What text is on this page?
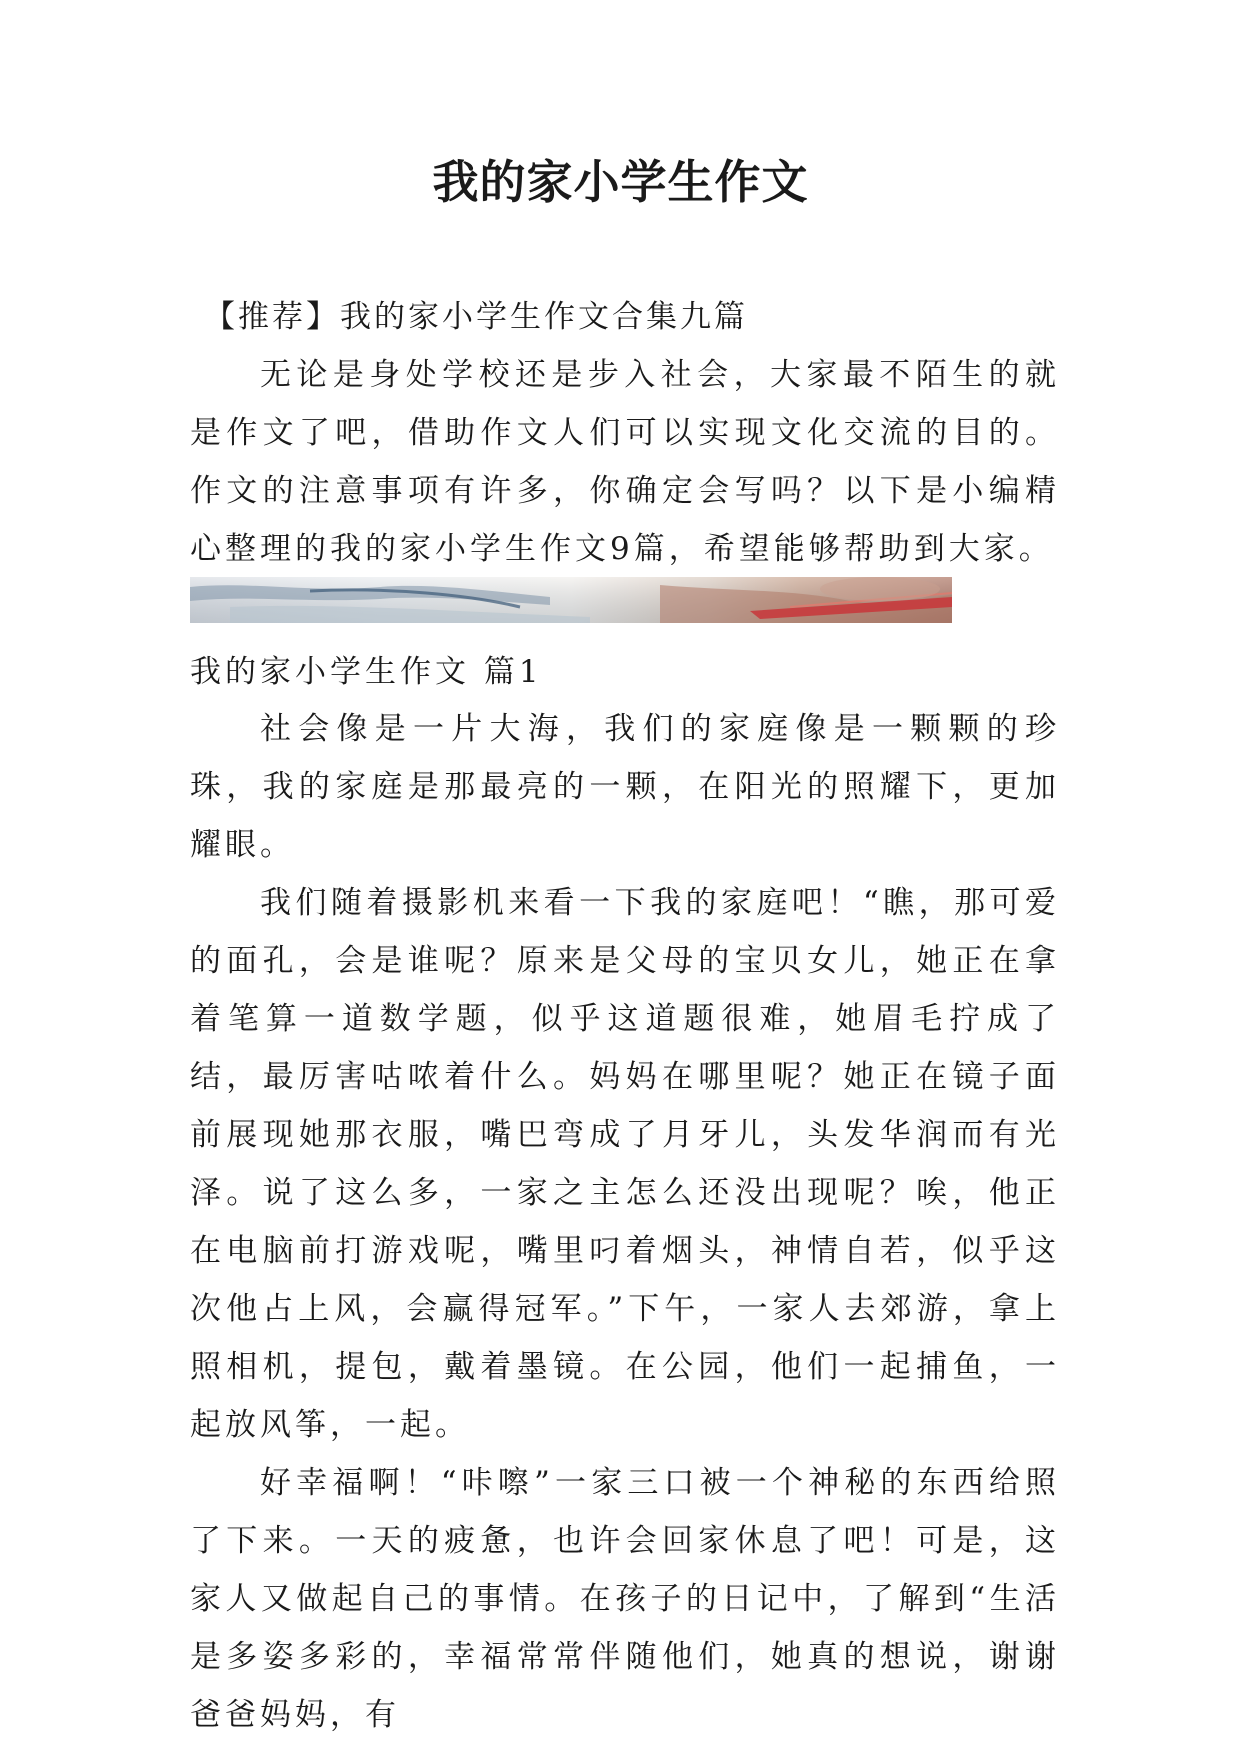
我的家小学生作文

【推荐】我的家小学生作文合集九篇

无论是身处学校还是步入社会，大家最不陌生的就是作文了吧，借助作文人们可以实现文化交流的目的。作文的注意事项有许多，你确定会写吗？以下是小编精心整理的我的家小学生作文9篇，希望能够帮助到大家。

我的家小学生作文 篇1

社会像是一片大海，我们的家庭像是一颗颗的珍珠，我的家庭是那最亮的一颗，在阳光的照耀下，更加耀眼。

我们随着摄影机来看一下我的家庭吧！“瞧，那可爱的面孔，会是谁呢？原来是父母的宝贝女儿，她正在拿着笔算一道数学题，似乎这道题很难，她眉毛拧成了结，最厉害咕哝着什么。妈妈在哪里呢？她正在镜子面前展现她那衣服，嘴巴弯成了月牙儿，头发华润而有光泽。说了这么多，一家之主怎么还没出现呢？唉，他正在电脑前打游戏呢，嘴里叼着烟头，神情自若，似乎这次他占上风，会赢得冠军。”下午，一家人去郊游，拿上照相机，提包，戴着墨镜。在公园，他们一起捕鱼，一起放风筝，一起。

好幸福啊！“咔嚓”一家三口被一个神秘的东西给照了下来。一天的疲惫，也许会回家休息了吧！可是，这家人又做起自己的事情。在孩子的日记中，了解到“生活是多姿多彩的，幸福常常伴随他们，她真的想说，谢谢爸爸妈妈，有
